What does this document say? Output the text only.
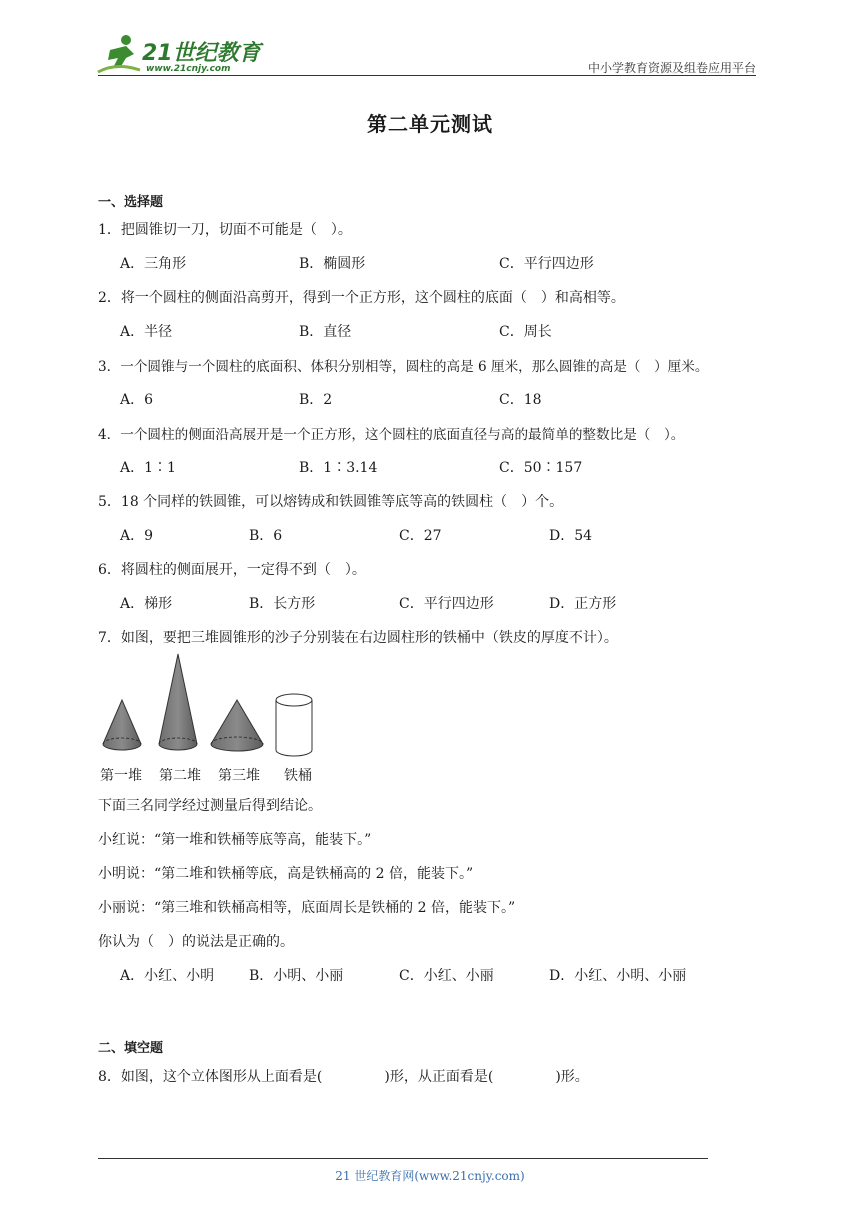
21世纪教育
www.21cnjy.com	中小学教育资源及组卷应用平台
第二单元测试
一、选择题
1．把圆锥切一刀，切面不可能是（　）。
A．三角形	B．椭圆形	C．平行四边形
2．将一个圆柱的侧面沿高剪开，得到一个正方形，这个圆柱的底面（　）和高相等。
A．半径	B．直径	C．周长
3．一个圆锥与一个圆柱的底面积、体积分别相等，圆柱的高是 6 厘米，那么圆锥的高是（　）厘米。
A．6	B．2	C．18
4．一个圆柱的侧面沿高展开是一个正方形，这个圆柱的底面直径与高的最简单的整数比是（　）。
A．1∶1	B．1∶3.14	C．50∶157
5．18 个同样的铁圆锥，可以熔铸成和铁圆锥等底等高的铁圆柱（　）个。
A．9	B．6	C．27	D．54
6．将圆柱的侧面展开，一定得不到（　）。
A．梯形	B．长方形	C．平行四边形	D．正方形
7．如图，要把三堆圆锥形的沙子分别装在右边圆柱形的铁桶中（铁皮的厚度不计）。
第一堆 第二堆 第三堆 铁桶
下面三名同学经过测量后得到结论。
小红说：“第一堆和铁桶等底等高，能装下。”
小明说：“第二堆和铁桶等底，高是铁桶高的 2 倍，能装下。”
小丽说：“第三堆和铁桶高相等，底面周长是铁桶的 2 倍，能装下。”
你认为（　）的说法是正确的。
A．小红、小明 B．小明、小丽	C．小红、小丽	D．小红、小明、小丽
二、填空题
8．如图，这个立体图形从上面看是(	)形，从正面看是(	)形。
21 世纪教育网(www.21cnjy.com)
